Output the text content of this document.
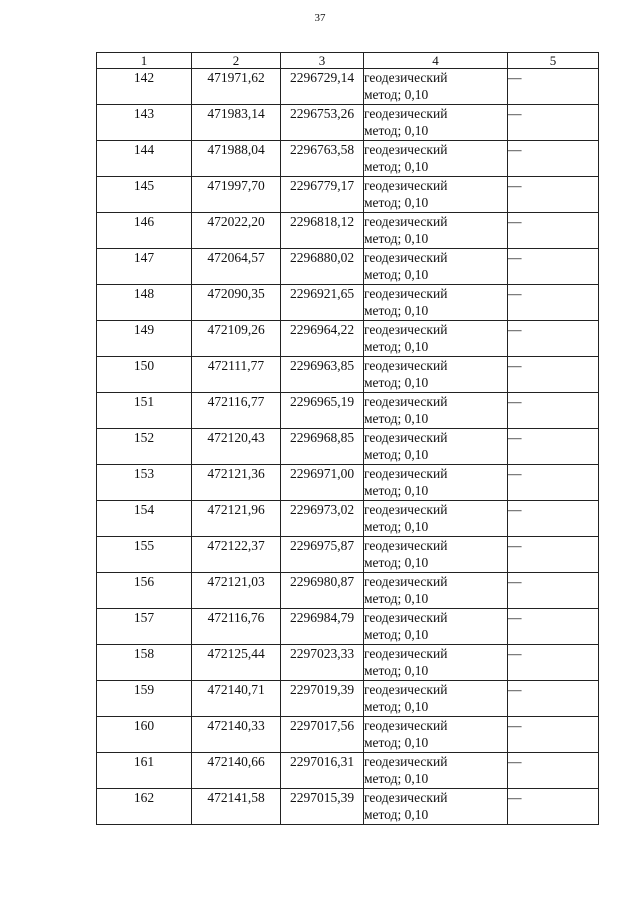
37
1	2	3	4	5
142	471971,62	2296729,14	геодезический
метод; 0,10	—
143	471983,14	2296753,26	геодезический
метод; 0,10	—
144	471988,04	2296763,58	геодезический
метод; 0,10	—
145	471997,70	2296779,17	геодезический
метод; 0,10	—
146	472022,20	2296818,12	геодезический
метод; 0,10	—
147	472064,57	2296880,02	геодезический
метод; 0,10	—
148	472090,35	2296921,65	геодезический
метод; 0,10	—
149	472109,26	2296964,22	геодезический
метод; 0,10	—
150	472111,77	2296963,85	геодезический
метод; 0,10	—
151	472116,77	2296965,19	геодезический
метод; 0,10	—
152	472120,43	2296968,85	геодезический
метод; 0,10	—
153	472121,36	2296971,00	геодезический
метод; 0,10	—
154	472121,96	2296973,02	геодезический
метод; 0,10	—
155	472122,37	2296975,87	геодезический
метод; 0,10	—
156	472121,03	2296980,87	геодезический
метод; 0,10	—
157	472116,76	2296984,79	геодезический
метод; 0,10	—
158	472125,44	2297023,33	геодезический
метод; 0,10	—
159	472140,71	2297019,39	геодезический
метод; 0,10	—
160	472140,33	2297017,56	геодезический
метод; 0,10	—
161	472140,66	2297016,31	геодезический
метод; 0,10	—
162	472141,58	2297015,39	геодезический
метод; 0,10	—
